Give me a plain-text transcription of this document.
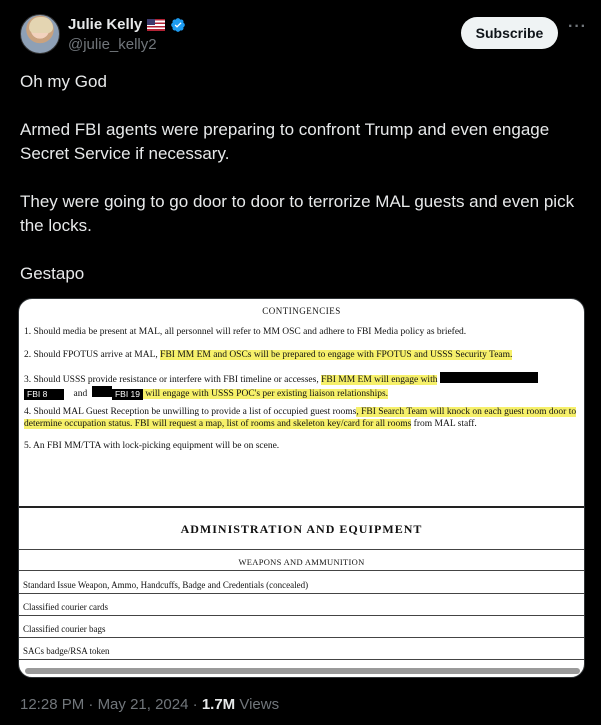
Julie Kelly
@julie_kelly2
Subscribe	···

Oh my God

Armed FBI agents were preparing to confront Trump and even engage Secret Service if necessary.

They were going to go door to door to terrorize MAL guests and even pick the locks.

Gestapo

CONTINGENCIES
1. Should media be present at MAL, all personnel will refer to MM OSC and adhere to FBI Media policy as briefed.
2. Should FPOTUS arrive at MAL, FBI MM EM and OSCs will be prepared to engage with FPOTUS and USSS Security Team.
3. Should USSS provide resistance or interfere with FBI timeline or accesses, FBI MM EM will engage with
FBI 8	and	FBI 19 will engage with USSS POC's per existing liaison relationships.
4. Should MAL Guest Reception be unwilling to provide a list of occupied guest rooms, FBI Search Team will knock on each guest room door to determine occupation status. FBI will request a map, list of rooms and skeleton key/card for all rooms from MAL staff.
5. An FBI MM/TTA with lock-picking equipment will be on scene.
ADMINISTRATION AND EQUIPMENT
WEAPONS AND AMMUNITION
Standard Issue Weapon, Ammo, Handcuffs, Badge and Credentials (concealed)
Classified courier cards
Classified courier bags
SACs badge/RSA token
12:28 PM · May 21, 2024 · 1.7M Views
